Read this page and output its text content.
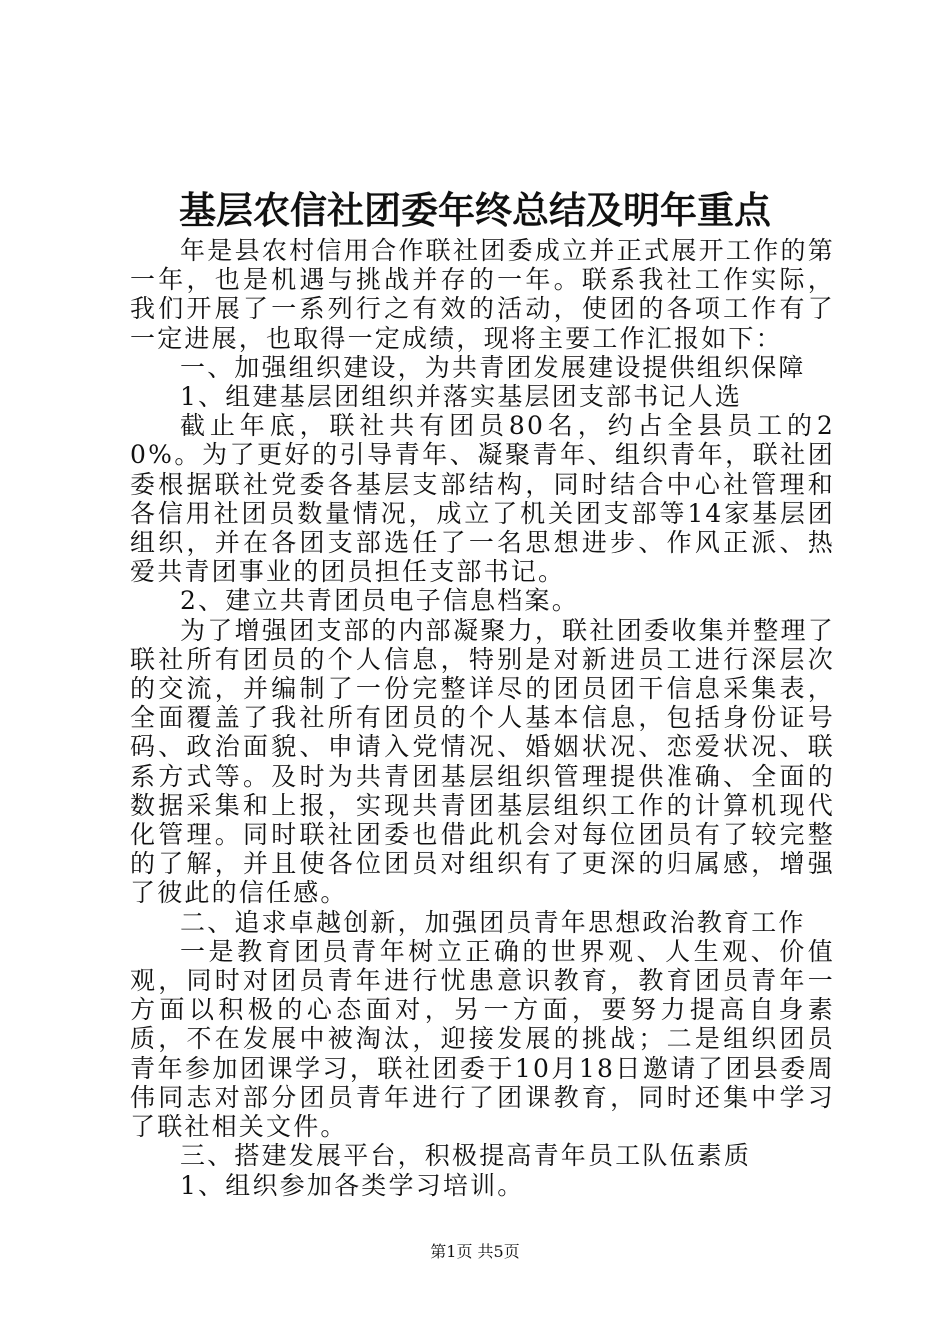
基层农信社团委年终总结及明年重点

年是县农村信用合作联社团委成立并正式展开工作的第一年，也是机遇与挑战并存的一年。联系我社工作实际，我们开展了一系列行之有效的活动，使团的各项工作有了一定进展，也取得一定成绩，现将主要工作汇报如下：

一、加强组织建设，为共青团发展建设提供组织保障

1、组建基层团组织并落实基层团支部书记人选

截止年底，联社共有团员80名，约占全县员工的20%。为了更好的引导青年、凝聚青年、组织青年，联社团委根据联社党委各基层支部结构，同时结合中心社管理和各信用社团员数量情况，成立了机关团支部等14家基层团组织，并在各团支部选任了一名思想进步、作风正派、热爱共青团事业的团员担任支部书记。

2、建立共青团员电子信息档案。

为了增强团支部的内部凝聚力，联社团委收集并整理了联社所有团员的个人信息，特别是对新进员工进行深层次的交流，并编制了一份完整详尽的团员团干信息采集表，全面覆盖了我社所有团员的个人基本信息，包括身份证号码、政治面貌、申请入党情况、婚姻状况、恋爱状况、联系方式等。及时为共青团基层组织管理提供准确、全面的数据采集和上报，实现共青团基层组织工作的计算机现代化管理。同时联社团委也借此机会对每位团员有了较完整的了解，并且使各位团员对组织有了更深的归属感，增强了彼此的信任感。

二、追求卓越创新，加强团员青年思想政治教育工作

一是教育团员青年树立正确的世界观、人生观、价值观，同时对团员青年进行忧患意识教育，教育团员青年一方面以积极的心态面对，另一方面，要努力提高自身素质，不在发展中被淘汰，迎接发展的挑战；二是组织团员青年参加团课学习，联社团委于10月18日邀请了团县委周伟同志对部分团员青年进行了团课教育，同时还集中学习了联社相关文件。

三、搭建发展平台，积极提高青年员工队伍素质

1、组织参加各类学习培训。

第1页 共5页
